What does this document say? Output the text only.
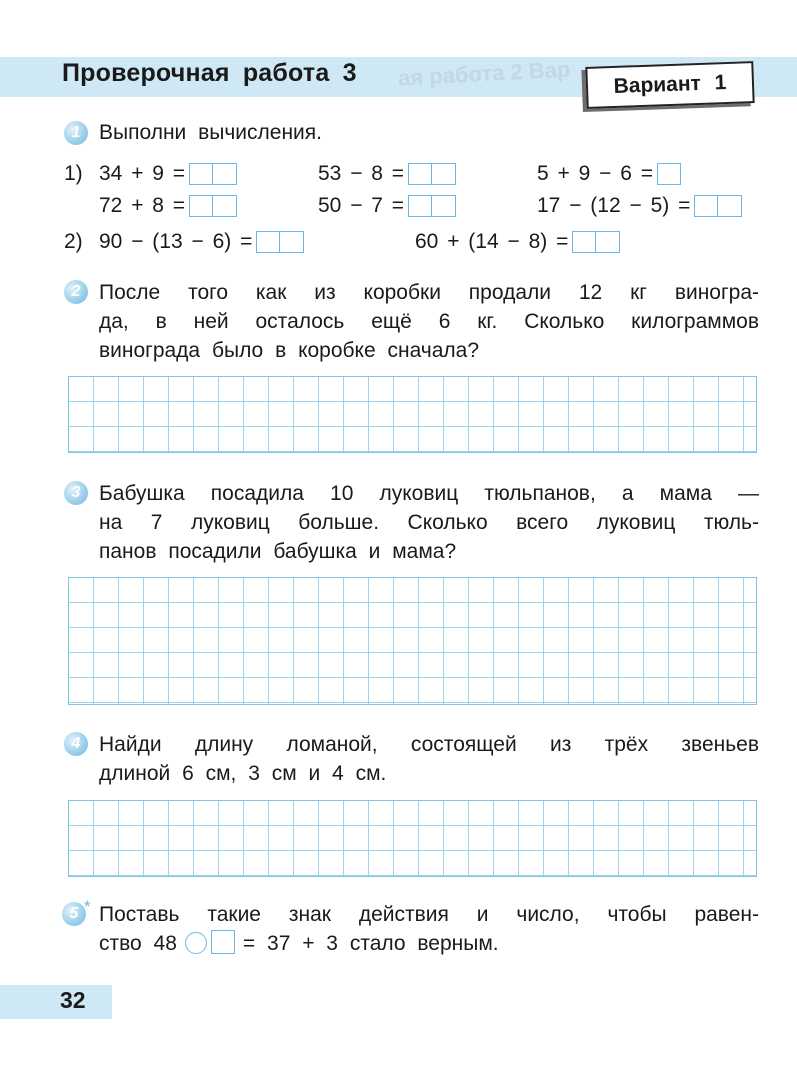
ая работа 2 Вар
Проверочная работа 3	Вариант 1
1 Выполни вычисления.
1) 34 + 9 =	53 − 8 =	5 + 9 − 6 =
72 + 8 =	50 − 7 =	17 − (12 − 5) =
2) 90 − (13 − 6) =	60 + (14 − 8) =
2 После того как из коробки продали 12 кг виногра-
да, в ней осталось ещё 6 кг. Сколько килограммов
винограда было в коробке сначала?
3 Бабушка посадила 10 луковиц тюльпанов, а мама —
на 7 луковиц больше. Сколько всего луковиц тюль-
панов посадили бабушка и мама?
4 Найди длину ломаной, состоящей из трёх звеньев
длиной 6 см, 3 см и 4 см.
5 * Поставь такие знак действия и число, чтобы равен-
ство 48	= 37 + 3 стало верным.
32
